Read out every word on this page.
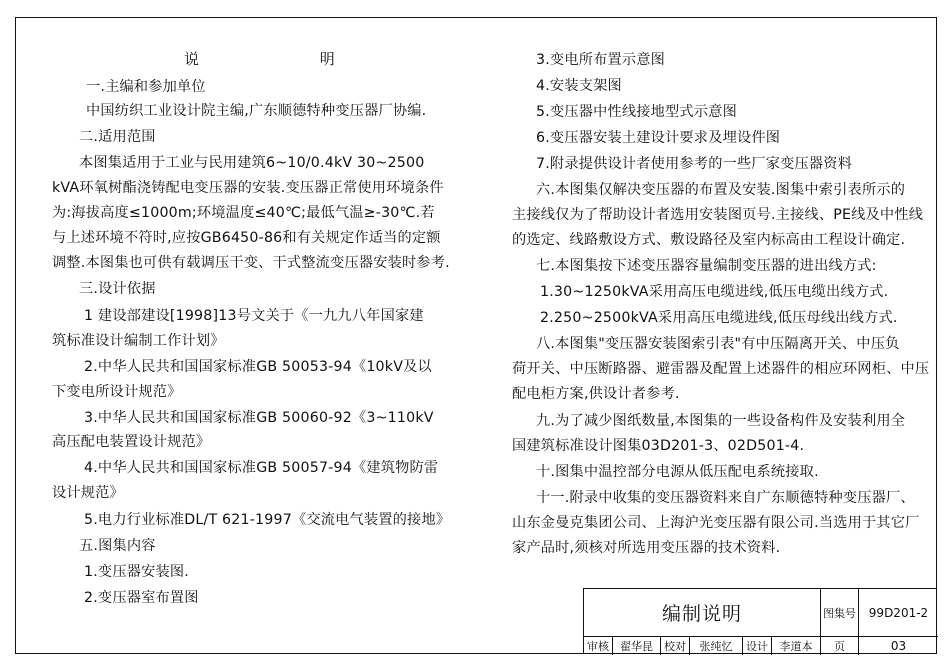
说 明
一.主编和参加单位
中国纺织工业设计院主编,广东顺德特种变压器厂协编.
二.适用范围
本图集适用于工业与民用建筑6~10/0.4kV 30~2500
kVA环氧树酯浇铸配电变压器的安装.变压器正常使用环境条件
为:海拔高度≤1000m;环境温度≤40℃;最低气温≥-30℃.若
与上述环境不符时,应按GB6450-86和有关规定作适当的定额
调整.本图集也可供有载调压干变、干式整流变压器安装时参考.
三.设计依据
1 建设部建设[1998]13号文关于《一九九八年国家建
筑标准设计编制工作计划》
2.中华人民共和国国家标准GB 50053-94《10kV及以
下变电所设计规范》
3.中华人民共和国国家标准GB 50060-92《3~110kV
高压配电装置设计规范》
4.中华人民共和国国家标准GB 50057-94《建筑物防雷
设计规范》
5.电力行业标准DL/T 621-1997《交流电气装置的接地》
五.图集内容
1.变压器安装图.
2.变压器室布置图
3.变电所布置示意图
4.安装支架图
5.变压器中性线接地型式示意图
6.变压器安装土建设计要求及埋设件图
7.附录提供设计者使用参考的一些厂家变压器资料
六.本图集仅解决变压器的布置及安装.图集中索引表所示的
主接线仅为了帮助设计者选用安装图页号.主接线、PE线及中性线
的选定、线路敷设方式、敷设路径及室内标高由工程设计确定.
七.本图集按下述变压器容量编制变压器的进出线方式:
1.30~1250kVA采用高压电缆进线,低压电缆出线方式.
2.250~2500kVA采用高压电缆进线,低压母线出线方式.
八.本图集"变压器安装图索引表"有中压隔离开关、中压负
荷开关、中压断路器、避雷器及配置上述器件的相应环网柜、中压
配电柜方案,供设计者参考.
九.为了减少图纸数量,本图集的一些设备构件及安装利用全
国建筑标准设计图集03D201-3、02D501-4.
十.图集中温控部分电源从低压配电系统接取.
十一.附录中收集的变压器资料来自广东顺德特种变压器厂、
山东金曼克集团公司、上海沪光变压器有限公司.当选用于其它厂
家产品时,须核对所选用变压器的技术资料.
编制说明	图集号	99D201-2
审核	翟华昆	校对	张纯忆	设计	李道本	页	03
